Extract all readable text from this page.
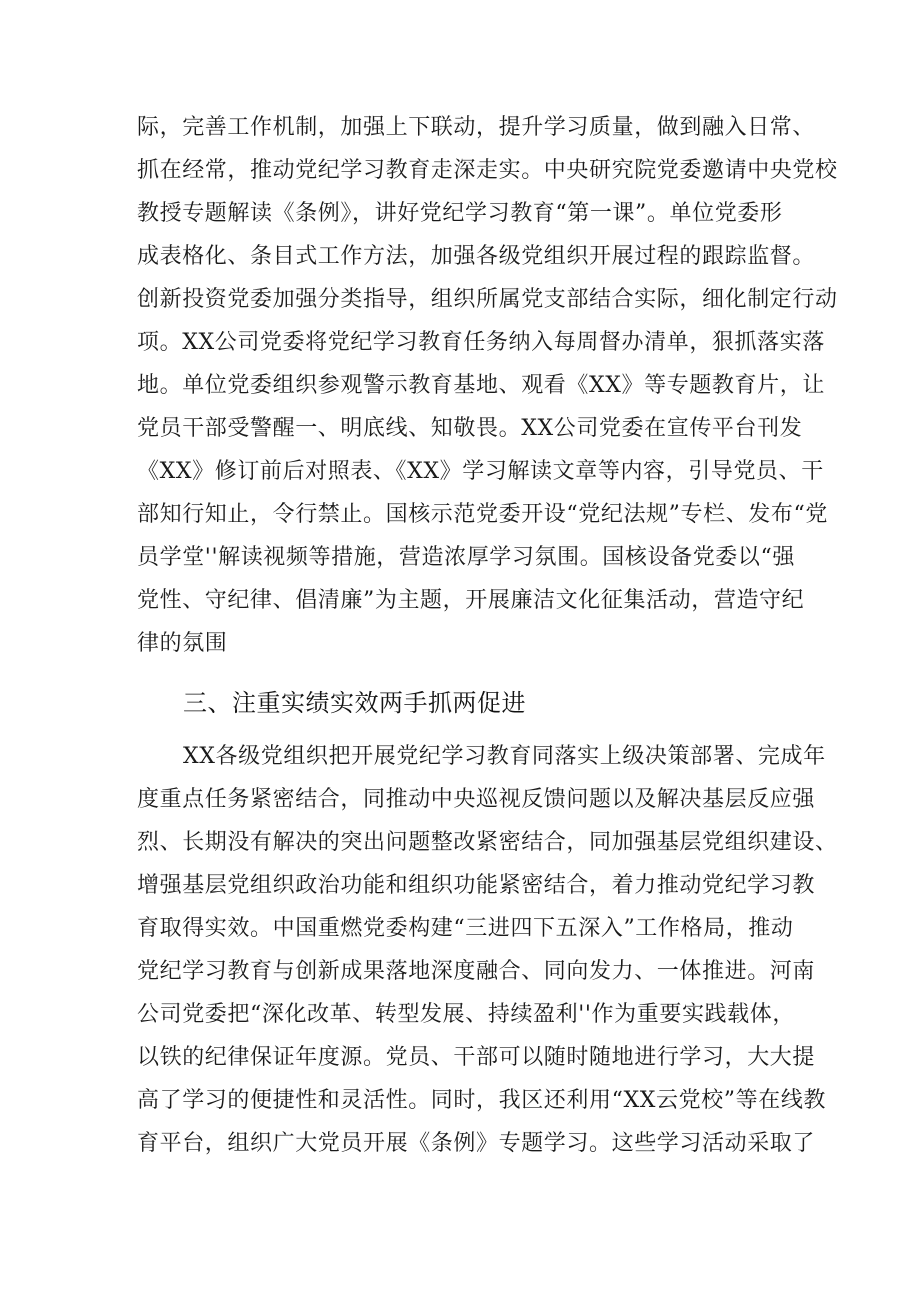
际，完善工作机制，加强上下联动，提升学习质量，做到融入日常、
抓在经常，推动党纪学习教育走深走实。中央研究院党委邀请中央党校
教授专题解读《条例》，讲好党纪学习教育“第一课”。单位党委形
成表格化、条目式工作方法，加强各级党组织开展过程的跟踪监督。
创新投资党委加强分类指导，组织所属党支部结合实际，细化制定行动
项。XX公司党委将党纪学习教育任务纳入每周督办清单，狠抓落实落
地。单位党委组织参观警示教育基地、观看《XX》等专题教育片，让
党员干部受警醒一、明底线、知敬畏。XX公司党委在宣传平台刊发
《XX》修订前后对照表、《XX》学习解读文章等内容，引导党员、干
部知行知止，令行禁止。国核示范党委开设“党纪法规”专栏、发布“党
员学堂''解读视频等措施，营造浓厚学习氛围。国核设备党委以“强
党性、守纪律、倡清廉”为主题，开展廉洁文化征集活动，营造守纪
律的氛围
三、注重实绩实效两手抓两促进
XX各级党组织把开展党纪学习教育同落实上级决策部署、完成年
度重点任务紧密结合，同推动中央巡视反馈问题以及解决基层反应强
烈、长期没有解决的突出问题整改紧密结合，同加强基层党组织建设、
增强基层党组织政治功能和组织功能紧密结合，着力推动党纪学习教
育取得实效。中国重燃党委构建“三进四下五深入”工作格局，推动
党纪学习教育与创新成果落地深度融合、同向发力、一体推进。河南
公司党委把“深化改革、转型发展、持续盈利''作为重要实践载体，
以铁的纪律保证年度源。党员、干部可以随时随地进行学习，大大提
高了学习的便捷性和灵活性。同时，我区还利用“XX云党校”等在线教
育平台，组织广大党员开展《条例》专题学习。这些学习活动采取了
